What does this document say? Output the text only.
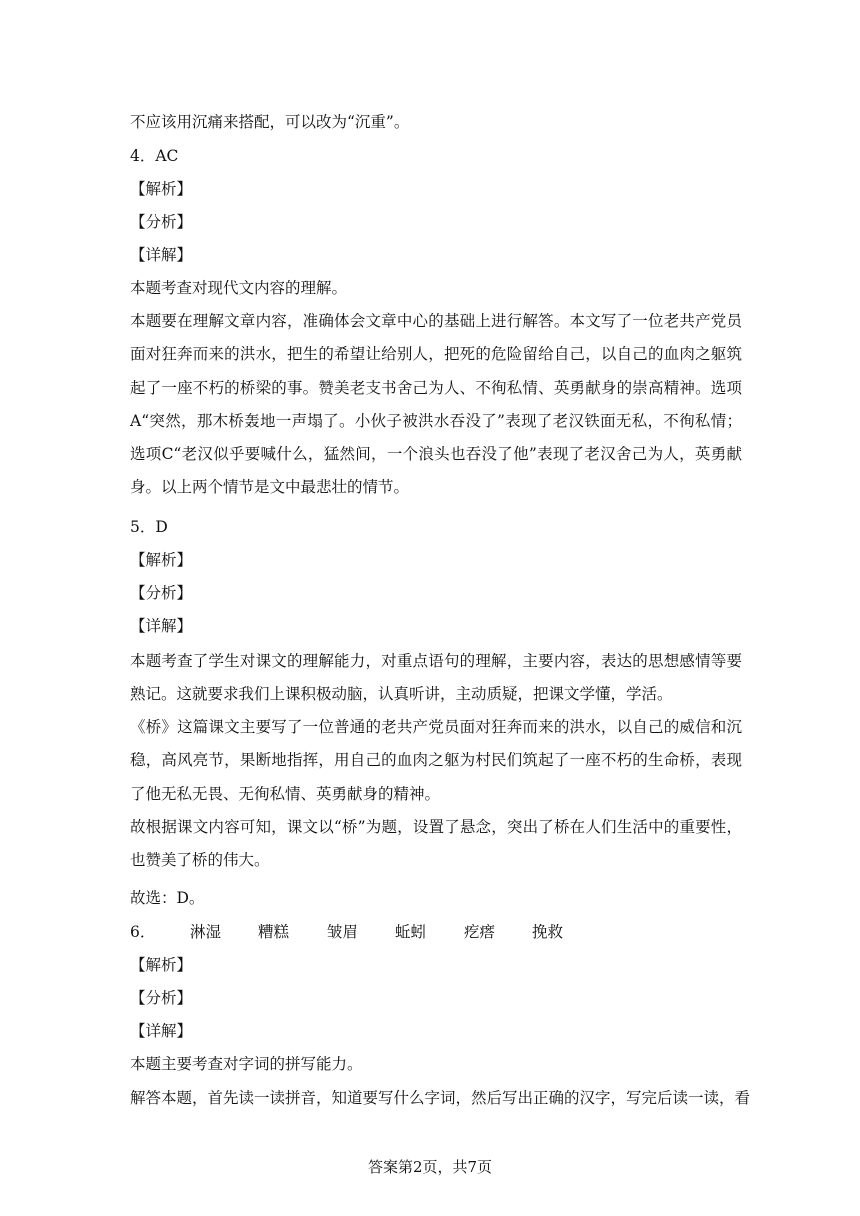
不应该用沉痛来搭配，可以改为“沉重”。
4．AC
【解析】
【分析】
【详解】
本题考查对现代文内容的理解。
本题要在理解文章内容，准确体会文章中心的基础上进行解答。本文写了一位老共产党员面对狂奔而来的洪水，把生的希望让给别人，把死的危险留给自己，以自己的血肉之躯筑起了一座不朽的桥梁的事。赞美老支书舍己为人、不徇私情、英勇献身的崇高精神。选项A“突然，那木桥轰地一声塌了。小伙子被洪水吞没了”表现了老汉铁面无私，不徇私情；选项C“老汉似乎要喊什么，猛然间，一个浪头也吞没了他”表现了老汉舍己为人，英勇献身。以上两个情节是文中最悲壮的情节。
5．D
【解析】
【分析】
【详解】
本题考查了学生对课文的理解能力，对重点语句的理解，主要内容，表达的思想感情等要熟记。这就要求我们上课积极动脑，认真听讲，主动质疑，把课文学懂，学活。
《桥》这篇课文主要写了一位普通的老共产党员面对狂奔而来的洪水，以自己的威信和沉稳，高风亮节，果断地指挥，用自己的血肉之躯为村民们筑起了一座不朽的生命桥，表现了他无私无畏、无徇私情、英勇献身的精神。
故根据课文内容可知，课文以“桥”为题，设置了悬念，突出了桥在人们生活中的重要性，也赞美了桥的伟大。
故选：D。
6． 淋湿 糟糕 皱眉 蚯蚓 疙瘩 挽救
【解析】
【分析】
【详解】
本题主要考查对字词的拼写能力。
解答本题，首先读一读拼音，知道要写什么字词，然后写出正确的汉字，写完后读一读，看
答案第2页，共7页
